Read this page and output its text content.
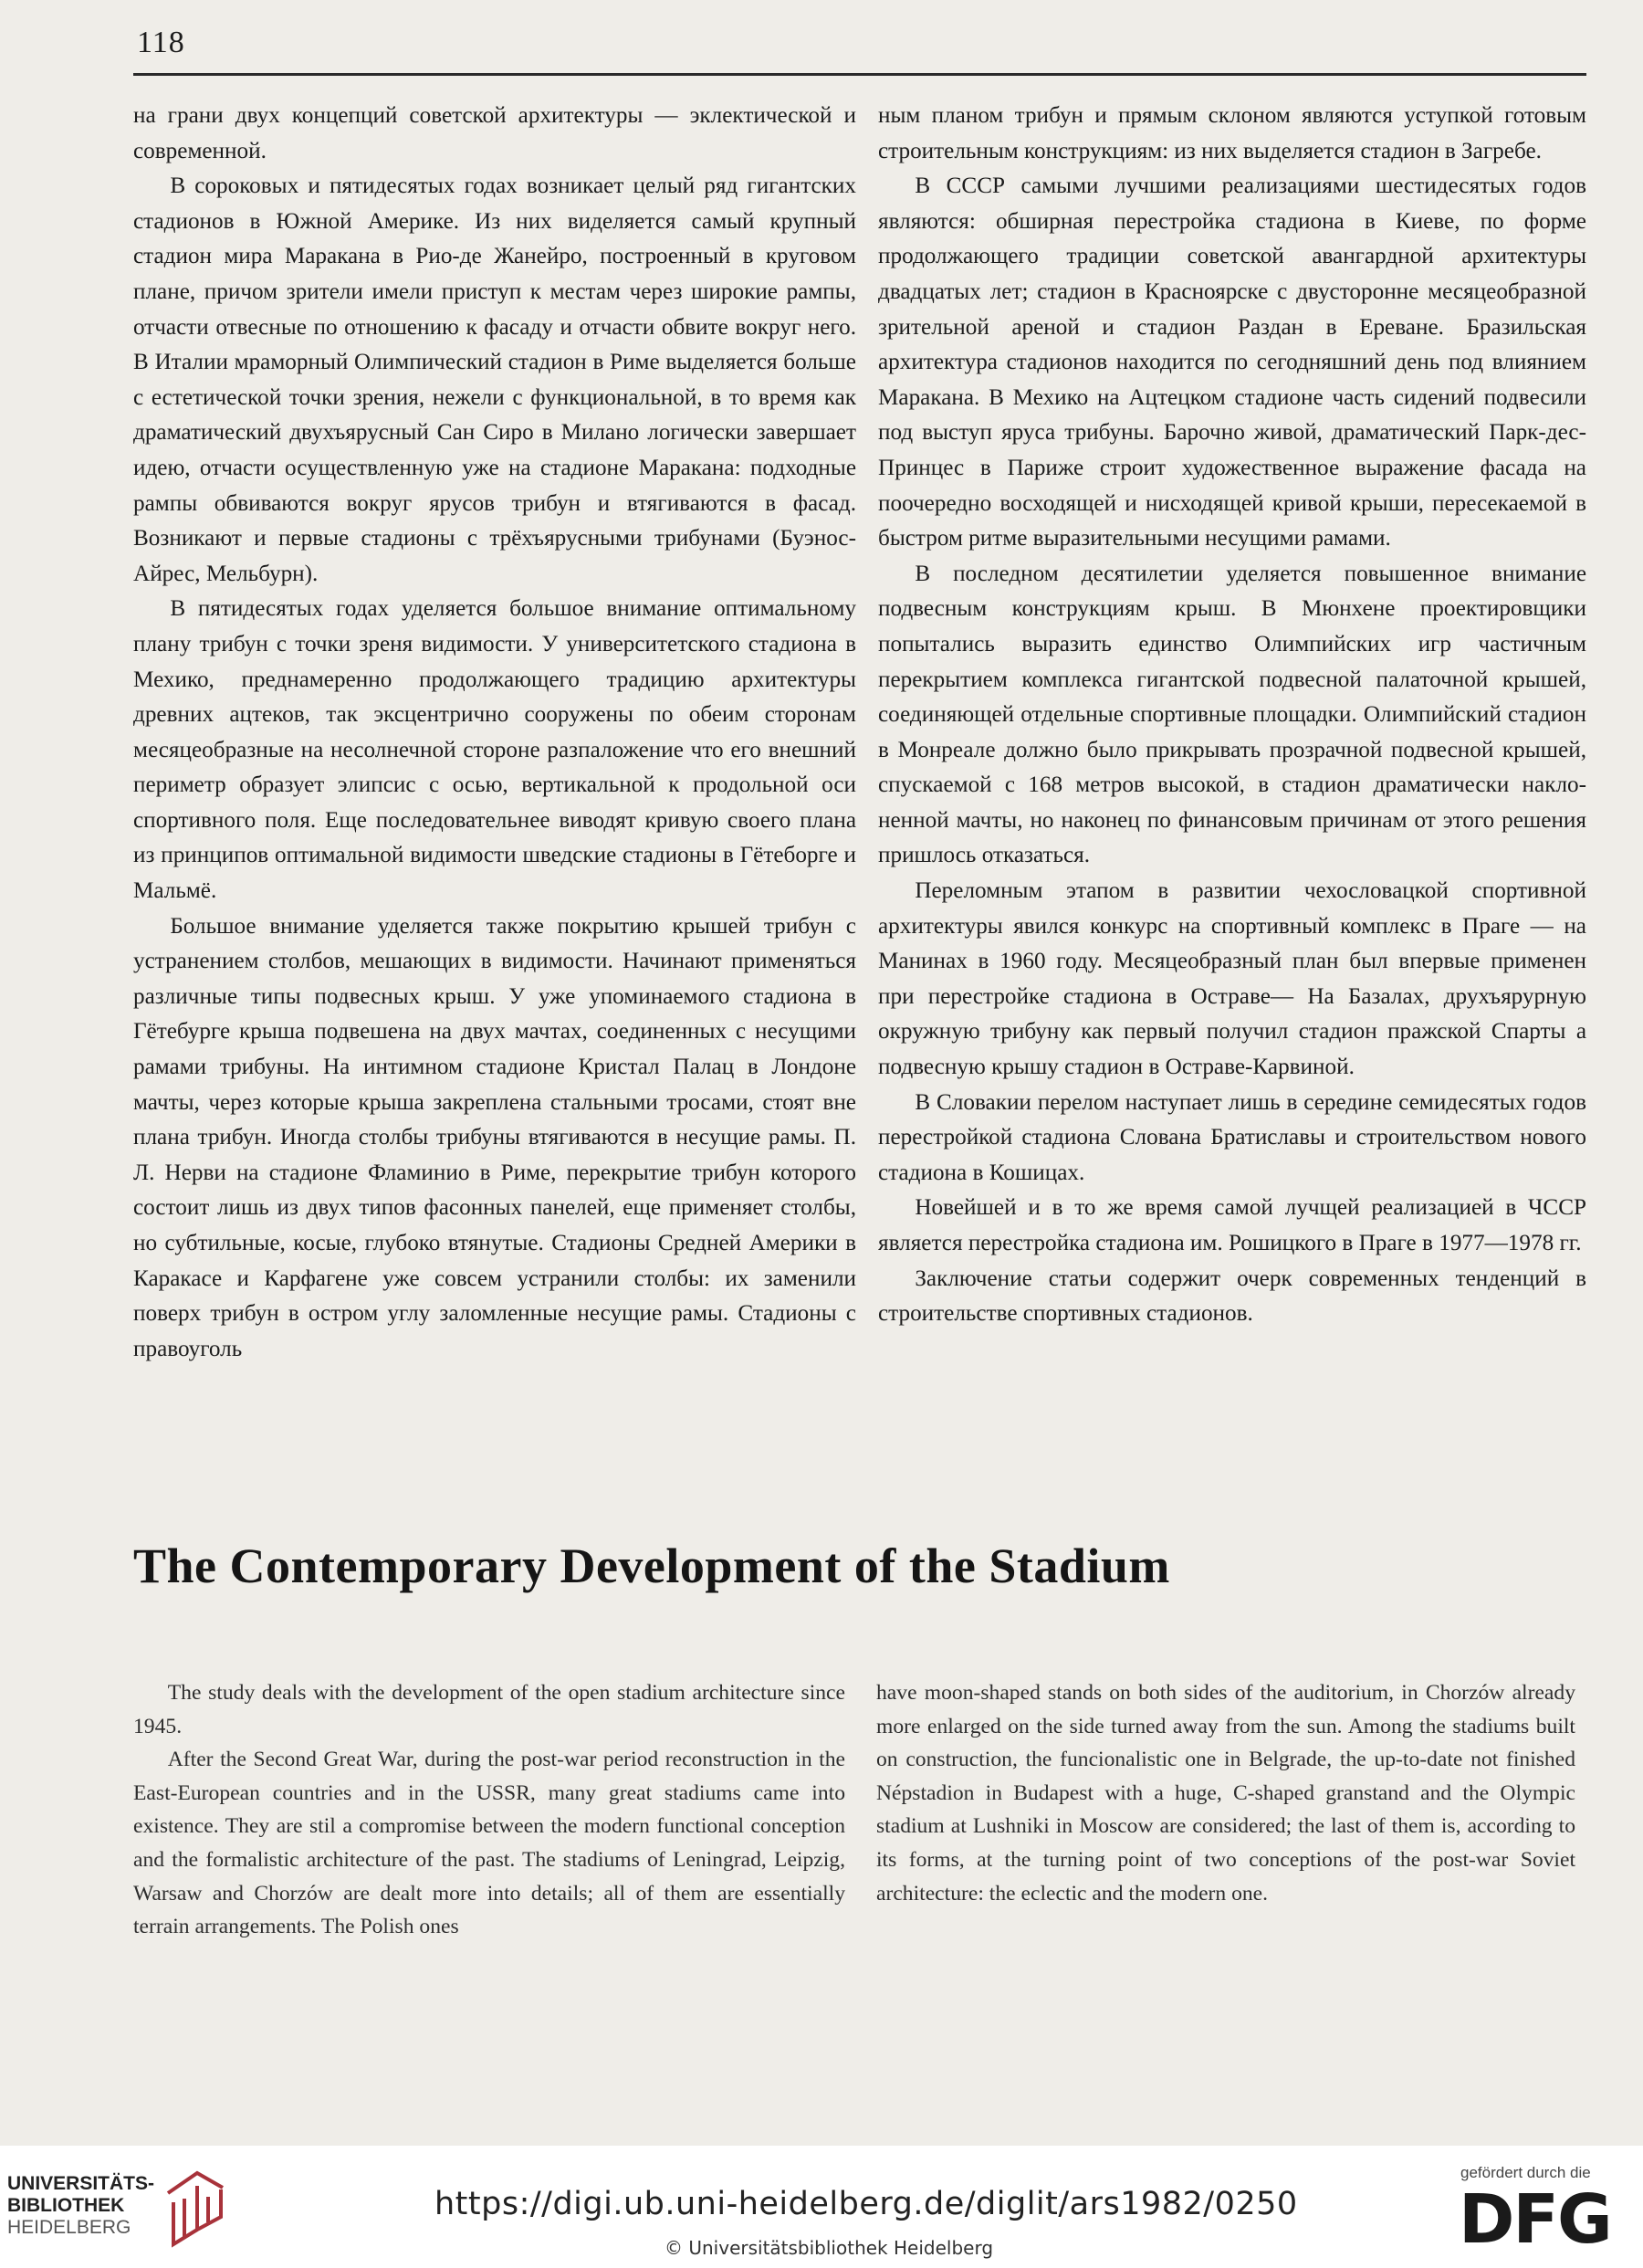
118

на грани двух концепций советской архитектуры — эклектической и современной.

В сороковых и пятидесятых годах возникает целый ряд гигантских стадионов в Южной Америке. Из них виделяется самый крупный стадион мира Маракана в Рио-де Жанейро, построенный в круговом плане, причом зрители имели приступ к местам через широкие рампы, отчасти отвесные по отношению к фасаду и отчасти обвите вокруг него. В Италии мраморный Олимпический стадион в Риме выделяется больше с естетической точки зрения, нежели с функциональной, в то время как драматический двухъярусный Сан Сиро в Милано логически завершает идею, отчасти осуществленную уже на стадионе Маракана: подходные рампы обвиваются вокруг ярусов трибун и втягиваются в фасад. Возникают и первые стадионы с трёхъярусными трибунами (Буэнос-Айрес, Мельбурн).

В пятидесятых годах уделяется большое внимание оптимальному плану трибун с точки зреня видимости. У университетского стадиона в Мехико, преднамеренно продолжающего традицию архитектуры древних ацтеков, так эксцентрично сооружены по обеим сторонам месяцеобразные на несолнечной стороне разпаложение что его внешний периметр образует элипсис с осью, вертикальной к продольной оси спортивного поля. Еще последовательнее виводят кривую своего плана из принципов оптимальной видимости шведские стадионы в Гётеборге и Мальмё.

Большое внимание уделяется также покрытию крышей трибун с устранением столбов, мешающих в видимости. Начинают применяться различные типы подвесных крыш. У уже упоминаемого стадиона в Гётебурге крыша подвешена на двух мачтах, соединенных с несущими рамами трибуны. На интимном стадионе Кристал Палац в Лондоне мачты, через которые крыша закреплена стальными тросами, стоят вне плана трибун. Иногда столбы трибуны втягиваются в несущие рамы. П. Л. Нерви на стадионе Фламинио в Риме, перекрытие трибун которого состоит лишь из двух типов фасонных панелей, еще применяет столбы, но субтильные, косые, глубоко втянутые. Стадионы Средней Америки в Каракасе и Карфагене уже совсем устранили столбы: их заменили поверх трибун в остром углу заломленные несущие рамы. Стадионы с правоуголь

ным планом трибун и прямым склоном являются уступкой готовым строительным конструкциям: из них выделяется стадион в Загребе.

В СССР самыми лучшими реализациями шестидесятых годов являются: обширная перестройка стадиона в Киеве, по форме продолжающего традиции советской авангардной архитектуры двадцатых лет; стадион в Красноярске с двусторонне месяцеобразной зрительной ареной и стадион Раздан в Ереване. Бразильская архитектура стадионов находится по сегодняшний день под влиянием Маракана. В Мехико на Ацтецком стадионе часть сидений подвесили под выступ яруса трибуны. Барочно живой, драматический Парк-дес-Принцес в Париже строит художественное выражение фасада на поочередно восходящей и нисходящей кривой крыши, пересекаемой в быстром ритме выразительными несущими рамами.

В последном десятилетии уделяется повышенное внимание подвесным конструкциям крыш. В Мюнхене проектировщики попытались выразить единство Олимпийских игр частичным перекрытием комплекса гигантской подвесной палаточной крышей, соединяющей отдельные спортивные площадки. Олимпийский стадион в Монреале должно было прикрывать прозрачной подвесной крышей, спускаемой с 168 метров высокой, в стадион драматически наклоненной мачты, но наконец по финансовым причинам от этого решения пришлось отказаться.

Переломным этапом в развитии чехословацкой спортивной архитектуры явился конкурс на спортивный комплекс в Праге — на Манинах в 1960 году. Месяцеобразный план был впервые применен при перестройке стадиона в Остраве— На Базалах, друхъярурную окружную трибуну как первый получил стадион пражской Спарты а подвесную крышу стадион в Остраве-Карвиной.

В Словакии перелом наступает лишь в середине семидесятых годов перестройкой стадиона Слована Братиславы и строительством нового стадиона в Кошицах.

Новейшей и в то же время самой лучщей реализацией в ЧССР является перестройка стадиона им. Рошицкого в Праге в 1977—1978 гг.

Заключение статьи содержит очерк современных тенденций в строительстве спортивных стадионов.

The Contemporary Development of the Stadium

The study deals with the development of the open stadium architecture since 1945.

After the Second Great War, during the post-war period reconstruction in the East-European countries and in the USSR, many great stadiums came into existence. They are stil a compromise between the modern functional conception and the formalistic architecture of the past. The stadiums of Leningrad, Leipzig, Warsaw and Chorzów are dealt more into details; all of them are essentially terrain arrangements. The Polish ones

have moon-shaped stands on both sides of the auditorium, in Chorzów already more enlarged on the side turned away from the sun. Among the stadiums built on construction, the funcionalistic one in Belgrade, the up-to-date not finished Népstadion in Budapest with a huge, C-shaped granstand and the Olympic stadium at Lushniki in Moscow are considered; the last of them is, according to its forms, at the turning point of two conceptions of the post-war Soviet architecture: the eclectic and the modern one.

UNIVERSITÄTS-
BIBLIOTHEK
HEIDELBERG
https://digi.ub.uni-heidelberg.de/diglit/ars1982/0250
© Universitätsbibliothek Heidelberg
gefördert durch die
DFG
